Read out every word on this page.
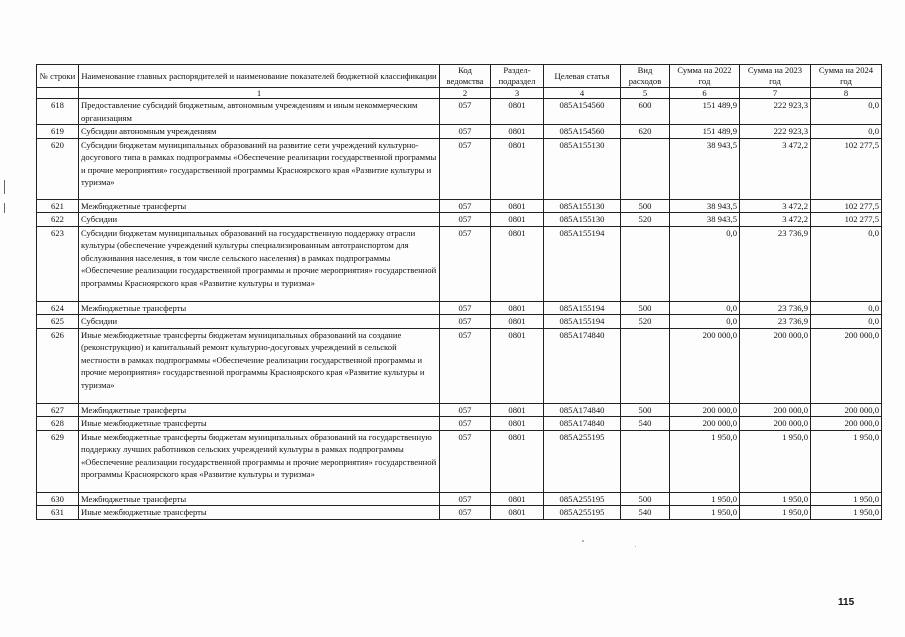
№ строки	Наименование главных распорядителей и наименование показателей бюджетной классификации	Код ведомства	Раздел-подраздел	Целевая статья	Вид расходов	Сумма на 2022 год	Сумма на 2023 год	Сумма на 2024 год
	1	2	3	4	5	6	7	8
618	Предоставление субсидий бюджетным, автономным учреждениям и иным некоммерческим организациям	057	0801	085А154560	600	151 489,9	222 923,3	0,0
619	Субсидии автономным учреждениям	057	0801	085А154560	620	151 489,9	222 923,3	0,0
620	Субсидии бюджетам муниципальных образований на развитие сети учреждений культурно-досугового типа в рамках подпрограммы «Обеспечение реализации государственной программы и прочие мероприятия» государственной программы Красноярского края «Развитие культуры и туризма»	057	0801	085А155130		38 943,5	3 472,2	102 277,5
621	Межбюджетные трансферты	057	0801	085А155130	500	38 943,5	3 472,2	102 277,5
622	Субсидии	057	0801	085А155130	520	38 943,5	3 472,2	102 277,5
623	Субсидии бюджетам муниципальных образований на государственную поддержку отрасли культуры (обеспечение учреждений культуры специализированным автотранспортом для обслуживания населения, в том числе сельского населения) в рамках подпрограммы «Обеспечение реализации государственной программы и прочие мероприятия» государственной программы Красноярского края «Развитие культуры и туризма»	057	0801	085А155194		0,0	23 736,9	0,0
624	Межбюджетные трансферты	057	0801	085А155194	500	0,0	23 736,9	0,0
625	Субсидии	057	0801	085А155194	520	0,0	23 736,9	0,0
626	Иные межбюджетные трансферты бюджетам муниципальных образований на создание (реконструкцию) и капитальный ремонт культурно-досуговых учреждений в сельской местности в рамках подпрограммы «Обеспечение реализации государственной программы и прочие мероприятия» государственной программы Красноярского края «Развитие культуры и туризма»	057	0801	085А174840		200 000,0	200 000,0	200 000,0
627	Межбюджетные трансферты	057	0801	085А174840	500	200 000,0	200 000,0	200 000,0
628	Иные межбюджетные трансферты	057	0801	085А174840	540	200 000,0	200 000,0	200 000,0
629	Иные межбюджетные трансферты бюджетам муниципальных образований на государственную поддержку лучших работников сельских учреждений культуры в рамках подпрограммы «Обеспечение реализации государственной программы и прочие мероприятия» государственной программы Красноярского края «Развитие культуры и туризма»	057	0801	085А255195		1 950,0	1 950,0	1 950,0
630	Межбюджетные трансферты	057	0801	085А255195	500	1 950,0	1 950,0	1 950,0
631	Иные межбюджетные трансферты	057	0801	085А255195	540	1 950,0	1 950,0	1 950,0
115
